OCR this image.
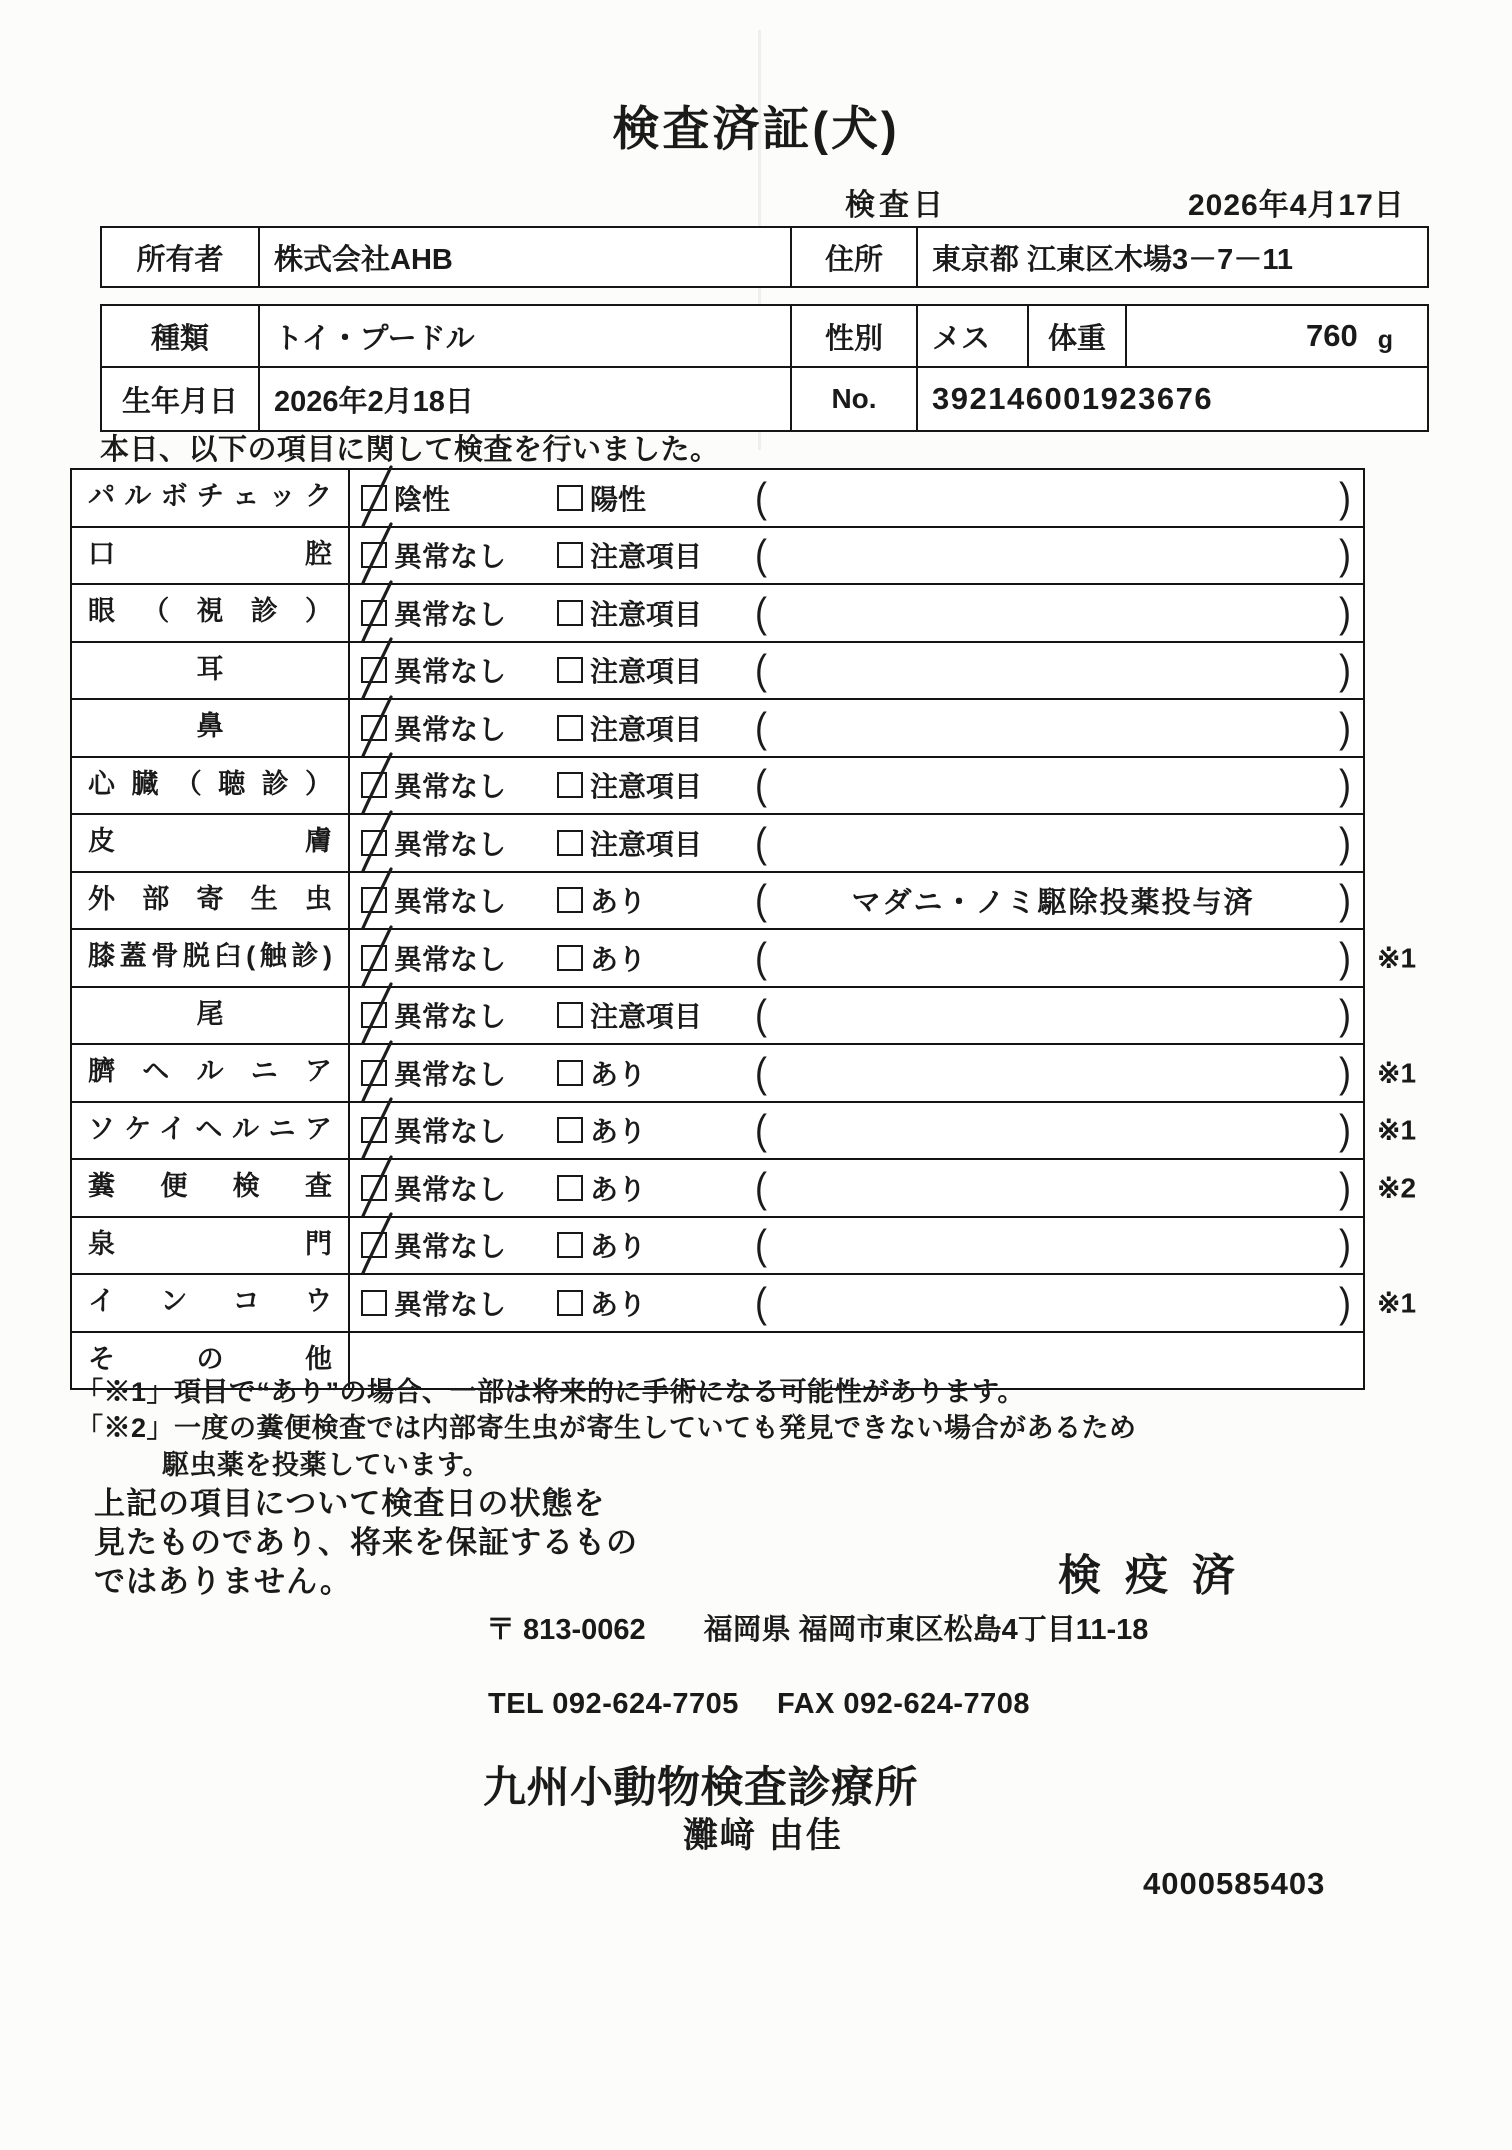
検査済証(犬)
検査日	2026年4月17日
所有者	株式会社AHB	住所	東京都 江東区木場3－7－11
種類	トイ・プードル	性別	メス	体重	760 g
生年月日	2026年2月18日	No.	392146001923676
本日、以下の項目に関して検査を行いました。
パルボチェック	陰性	陽性	(	)
口腔	異常なし	注意項目 (	)
眼（視診）	異常なし	注意項目 (	)
耳	異常なし	注意項目 (	)
鼻	異常なし	注意項目 (	)
心臓（聴診）	異常なし	注意項目 (	)
皮膚	異常なし	注意項目 (	)
外部寄生虫	異常なし	あり	(	マダニ・ノミ駆除投薬投与済	)
膝蓋骨脱臼(触診)	異常なし	あり	(	) ※1
尾	異常なし	注意項目 (	)
臍ヘルニア	異常なし	あり	(	) ※1
ソケイヘルニア	異常なし	あり	(	) ※1
糞便検査	異常なし	あり	(	) ※2
泉門	異常なし	あり	(	)
インコウ	異常なし	あり	(	) ※1
その他
「※1」項目で“あり”の場合、一部は将来的に手術になる可能性があります。
「※2」一度の糞便検査では内部寄生虫が寄生していても発見できない場合があるため
駆虫薬を投薬しています。
上記の項目について検査日の状態を
見たものであり、将来を保証するもの
ではありません。	検 疫 済
〒 813-0062　　福岡県 福岡市東区松島4丁目11-18
TEL 092-624-7705　 FAX 092-624-7708
九州小動物検査診療所
灘﨑 由佳
4000585403
